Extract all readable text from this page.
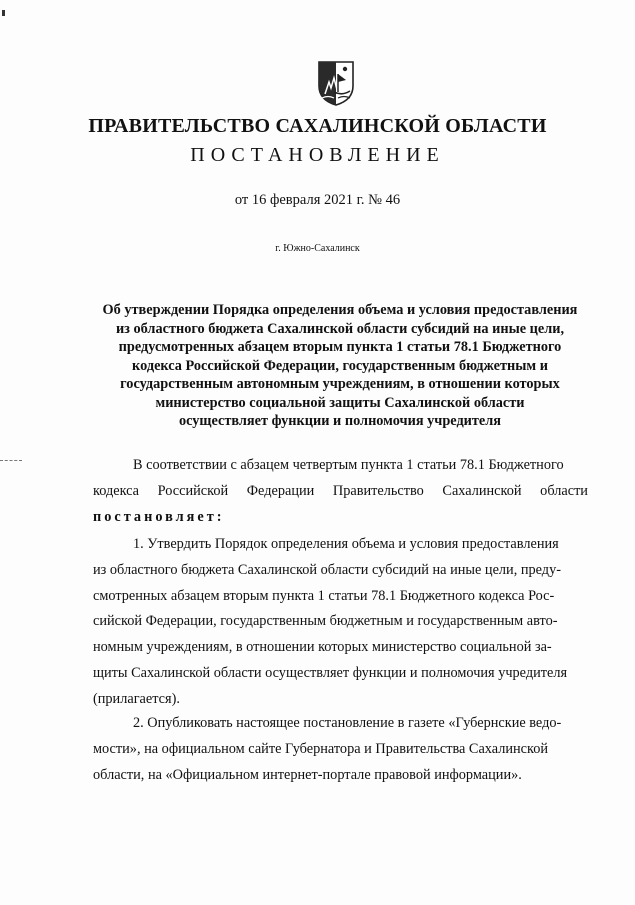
ПРАВИТЕЛЬСТВО САХАЛИНСКОЙ ОБЛАСТИ
ПОСТАНОВЛЕНИЕ
от 16 февраля 2021 г. № 46
г. Южно-Сахалинск
Об утверждении Порядка определения объема и условия предоставления
из областного бюджета Сахалинской области субсидий на иные цели,
предусмотренных абзацем вторым пункта 1 статьи 78.1 Бюджетного
кодекса Российской Федерации, государственным бюджетным и
государственным автономным учреждениям, в отношении которых
министерство социальной защиты Сахалинской области
осуществляет функции и полномочия учредителя
В соответствии с абзацем четвертым пункта 1 статьи 78.1 Бюджетного
кодекса Российской Федерации Правительство Сахалинской области
постановляет:
1. Утвердить Порядок определения объема и условия предоставления
из областного бюджета Сахалинской области субсидий на иные цели, преду-
смотренных абзацем вторым пункта 1 статьи 78.1 Бюджетного кодекса Рос-
сийской Федерации, государственным бюджетным и государственным авто-
номным учреждениям, в отношении которых министерство социальной за-
щиты Сахалинской области осуществляет функции и полномочия учредителя
(прилагается).
2. Опубликовать настоящее постановление в газете «Губернские ведо-
мости», на официальном сайте Губернатора и Правительства Сахалинской
области, на «Официальном интернет-портале правовой информации».
